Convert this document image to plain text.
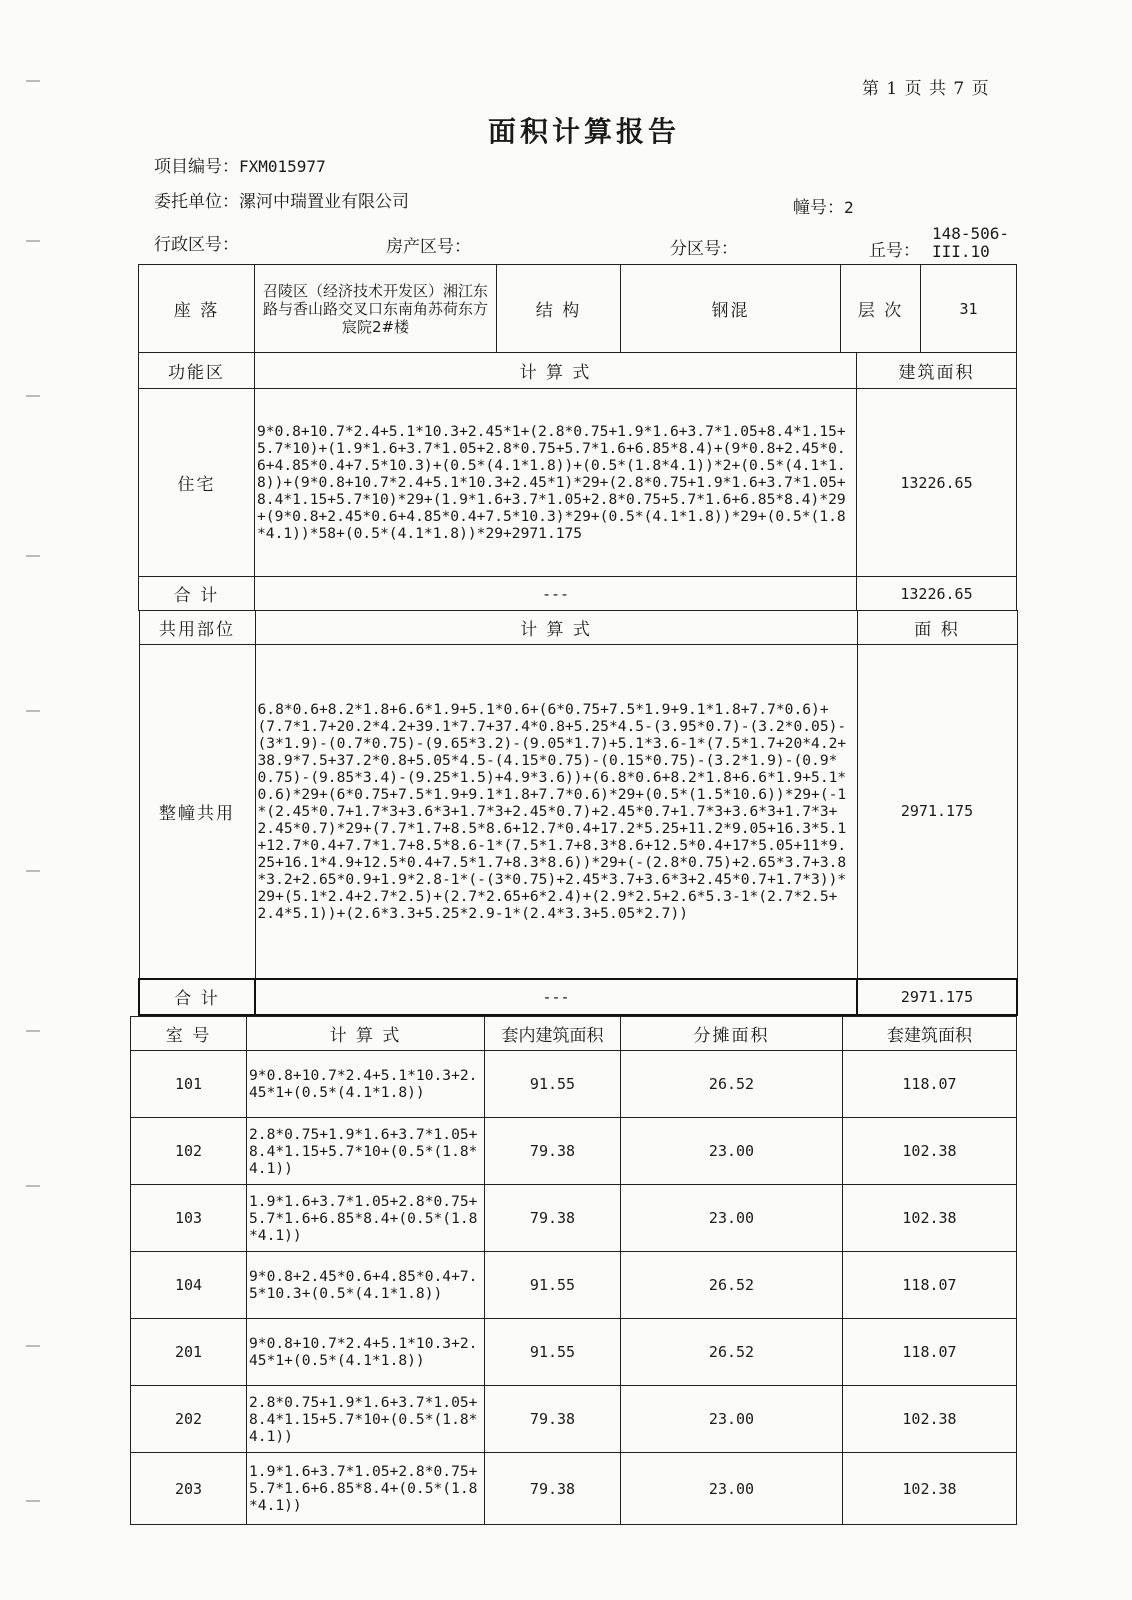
第 1 页 共 7 页
面积计算报告
项目编号：FXM015977
委托单位：漯河中瑞置业有限公司	幢号：2
行政区号：	房产区号：	分区号：	丘号：
148-506-
III.10
座 落	召陵区（经济技术开发区）湘江东路与香山路交叉口东南角苏荷东方宸院2#楼	结 构	钢混	层 次	31
功能区	计 算 式	建筑面积
住宅	9*0.8+10.7*2.4+5.1*10.3+2.45*1+(2.8*0.75+1.9*1.6+3.7*1.05+8.4*1.15+5.7*10)+(1.9*1.6+3.7*1.05+2.8*0.75+5.7*1.6+6.85*8.4)+(9*0.8+2.45*0.6+4.85*0.4+7.5*10.3)+(0.5*(4.1*1.8))+(0.5*(1.8*4.1))*2+(0.5*(4.1*1.8))+(9*0.8+10.7*2.4+5.1*10.3+2.45*1)*29+(2.8*0.75+1.9*1.6+3.7*1.05+8.4*1.15+5.7*10)*29+(1.9*1.6+3.7*1.05+2.8*0.75+5.7*1.6+6.85*8.4)*29+(9*0.8+2.45*0.6+4.85*0.4+7.5*10.3)*29+(0.5*(4.1*1.8))*29+(0.5*(1.8*4.1))*58+(0.5*(4.1*1.8))*29+2971.175	13226.65
合 计	---	13226.65
共用部位	计 算 式	面 积
整幢共用	6.8*0.6+8.2*1.8+6.6*1.9+5.1*0.6+(6*0.75+7.5*1.9+9.1*1.8+7.7*0.6)+(7.7*1.7+20.2*4.2+39.1*7.7+37.4*0.8+5.25*4.5-(3.95*0.7)-(3.2*0.05)-(3*1.9)-(0.7*0.75)-(9.65*3.2)-(9.05*1.7)+5.1*3.6-1*(7.5*1.7+20*4.2+38.9*7.5+37.2*0.8+5.05*4.5-(4.15*0.75)-(0.15*0.75)-(3.2*1.9)-(0.9*0.75)-(9.85*3.4)-(9.25*1.5)+4.9*3.6))+(6.8*0.6+8.2*1.8+6.6*1.9+5.1*0.6)*29+(6*0.75+7.5*1.9+9.1*1.8+7.7*0.6)*29+(0.5*(1.5*10.6))*29+(-1*(2.45*0.7+1.7*3+3.6*3+1.7*3+2.45*0.7)+2.45*0.7+1.7*3+3.6*3+1.7*3+2.45*0.7)*29+(7.7*1.7+8.5*8.6+12.7*0.4+17.2*5.25+11.2*9.05+16.3*5.1+12.7*0.4+7.7*1.7+8.5*8.6-1*(7.5*1.7+8.3*8.6+12.5*0.4+17*5.05+11*9.25+16.1*4.9+12.5*0.4+7.5*1.7+8.3*8.6))*29+(-(2.8*0.75)+2.65*3.7+3.8*3.2+2.65*0.9+1.9*2.8-1*(-(3*0.75)+2.45*3.7+3.6*3+2.45*0.7+1.7*3))*29+(5.1*2.4+2.7*2.5)+(2.7*2.65+6*2.4)+(2.9*2.5+2.6*5.3-1*(2.7*2.5+2.4*5.1))+(2.6*3.3+5.25*2.9-1*(2.4*3.3+5.05*2.7))	2971.175
合 计	---	2971.175
室 号	计 算 式	套内建筑面积	分摊面积	套建筑面积
101	9*0.8+10.7*2.4+5.1*10.3+2.45*1+(0.5*(4.1*1.8))	91.55	26.52	118.07
102	2.8*0.75+1.9*1.6+3.7*1.05+8.4*1.15+5.7*10+(0.5*(1.8*4.1))	79.38	23.00	102.38
103	1.9*1.6+3.7*1.05+2.8*0.75+5.7*1.6+6.85*8.4+(0.5*(1.8*4.1))	79.38	23.00	102.38
104	9*0.8+2.45*0.6+4.85*0.4+7.5*10.3+(0.5*(4.1*1.8))	91.55	26.52	118.07
201	9*0.8+10.7*2.4+5.1*10.3+2.45*1+(0.5*(4.1*1.8))	91.55	26.52	118.07
202	2.8*0.75+1.9*1.6+3.7*1.05+8.4*1.15+5.7*10+(0.5*(1.8*4.1))	79.38	23.00	102.38
203	1.9*1.6+3.7*1.05+2.8*0.75+5.7*1.6+6.85*8.4+(0.5*(1.8*4.1))	79.38	23.00	102.38
